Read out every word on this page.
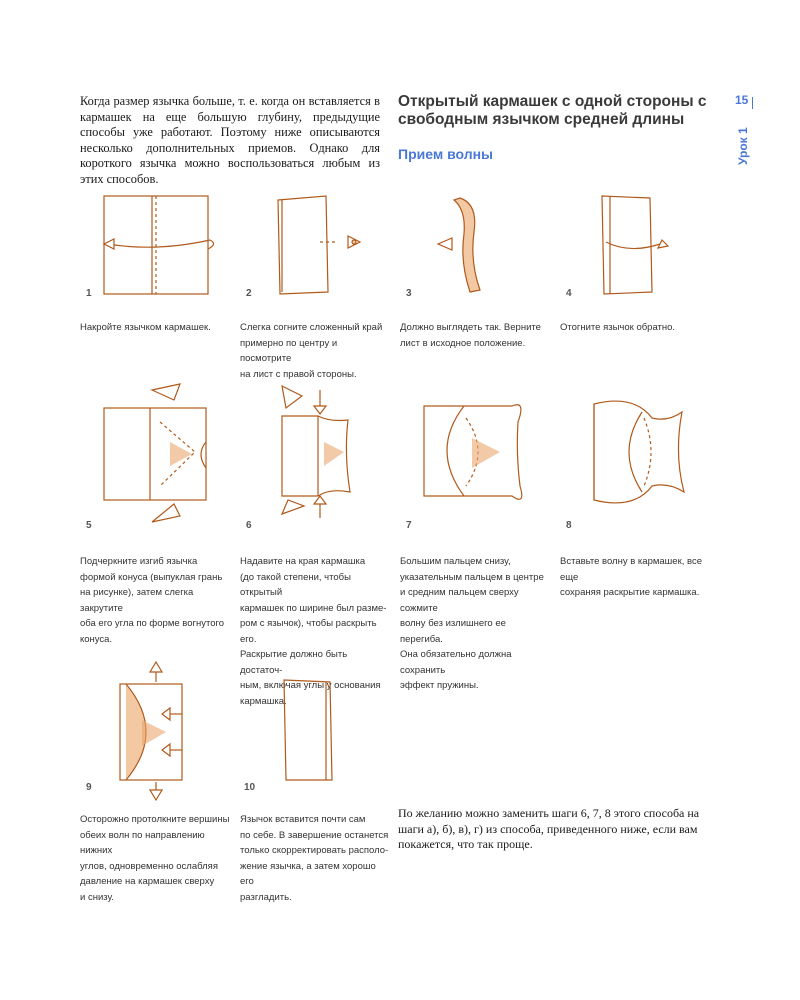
Когда размер язычка больше, т. е. когда он вставляется в кармашек на еще большую глубину, предыдущие способы уже работают. Поэтому ниже описываются несколько дополнительных приемов. Однако для короткого язычка можно воспользоваться любым из этих способов.

Открытый кармашек с одной стороны с свободным язычком средней длины
Прием волны
15
Урок 1
1

Накройте язычком кармашек.

2

Слегка согните сложенный край
примерно по центру и посмотрите
на лист с правой стороны.

3

Должно выглядеть так. Верните
лист в исходное положение.

4

Отогните язычок обратно.

5

Подчеркните изгиб язычка
формой конуса (выпуклая грань
на рисунке), затем слегка закрутите
оба его угла по форме вогнутого
конуса.

6

Надавите на края кармашка
(до такой степени, чтобы открытый
кармашек по ширине был разме-
ром с язычок), чтобы раскрыть его.
Раскрытие должно быть достаточ-
ным, включая углы у основания
кармашка.

7

Большим пальцем снизу,
указательным пальцем в центре
и средним пальцем сверху сожмите
волну без излишнего ее перегиба.
Она обязательно должна сохранить
эффект пружины.

8

Вставьте волну в кармашек, все еще
сохраняя раскрытие кармашка.

9

Осторожно протолкните вершины
обеих волн по направлению нижних
углов, одновременно ослабляя
давление на кармашек сверху
и снизу.

10

Язычок вставится почти сам
по себе. В завершение останется
только скорректировать располо-
жение язычка, а затем хорошо его
разгладить.

По желанию можно заменить шаги 6, 7, 8 этого способа на шаги а), б), в), г) из способа, приведенного ниже, если вам покажется, что так проще.
